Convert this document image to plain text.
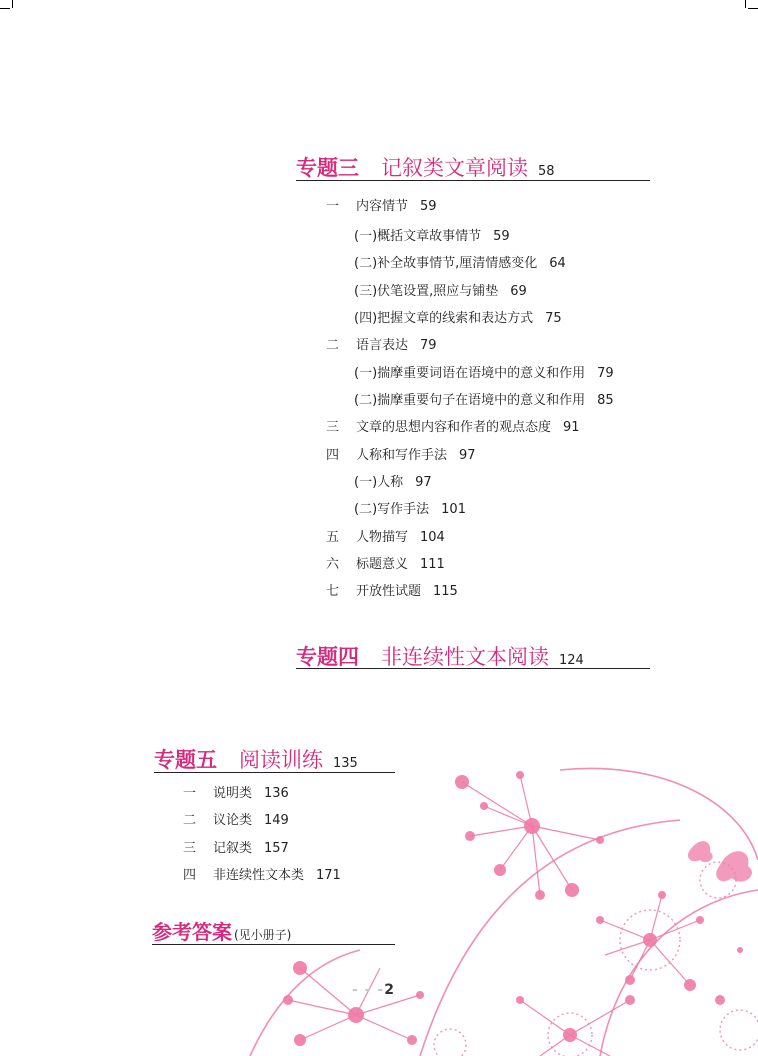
专题三 记叙类文章阅读 58
一 内容情节 59
(一)概括文章故事情节 59
(二)补全故事情节,厘清情感变化 64
(三)伏笔设置,照应与铺垫 69
(四)把握文章的线索和表达方式 75
二 语言表达 79
(一)揣摩重要词语在语境中的意义和作用 79
(二)揣摩重要句子在语境中的意义和作用 85
三 文章的思想内容和作者的观点态度 91
四 人称和写作手法 97
(一)人称 97
(二)写作手法 101
五 人物描写 104
六 标题意义 111
七 开放性试题 115
专题四 非连续性文本阅读 124
专题五 阅读训练 135
一 说明类 136
二 议论类 149
三 记叙类 157
四 非连续性文本类 171
参考答案 (见小册子)
- - -2
